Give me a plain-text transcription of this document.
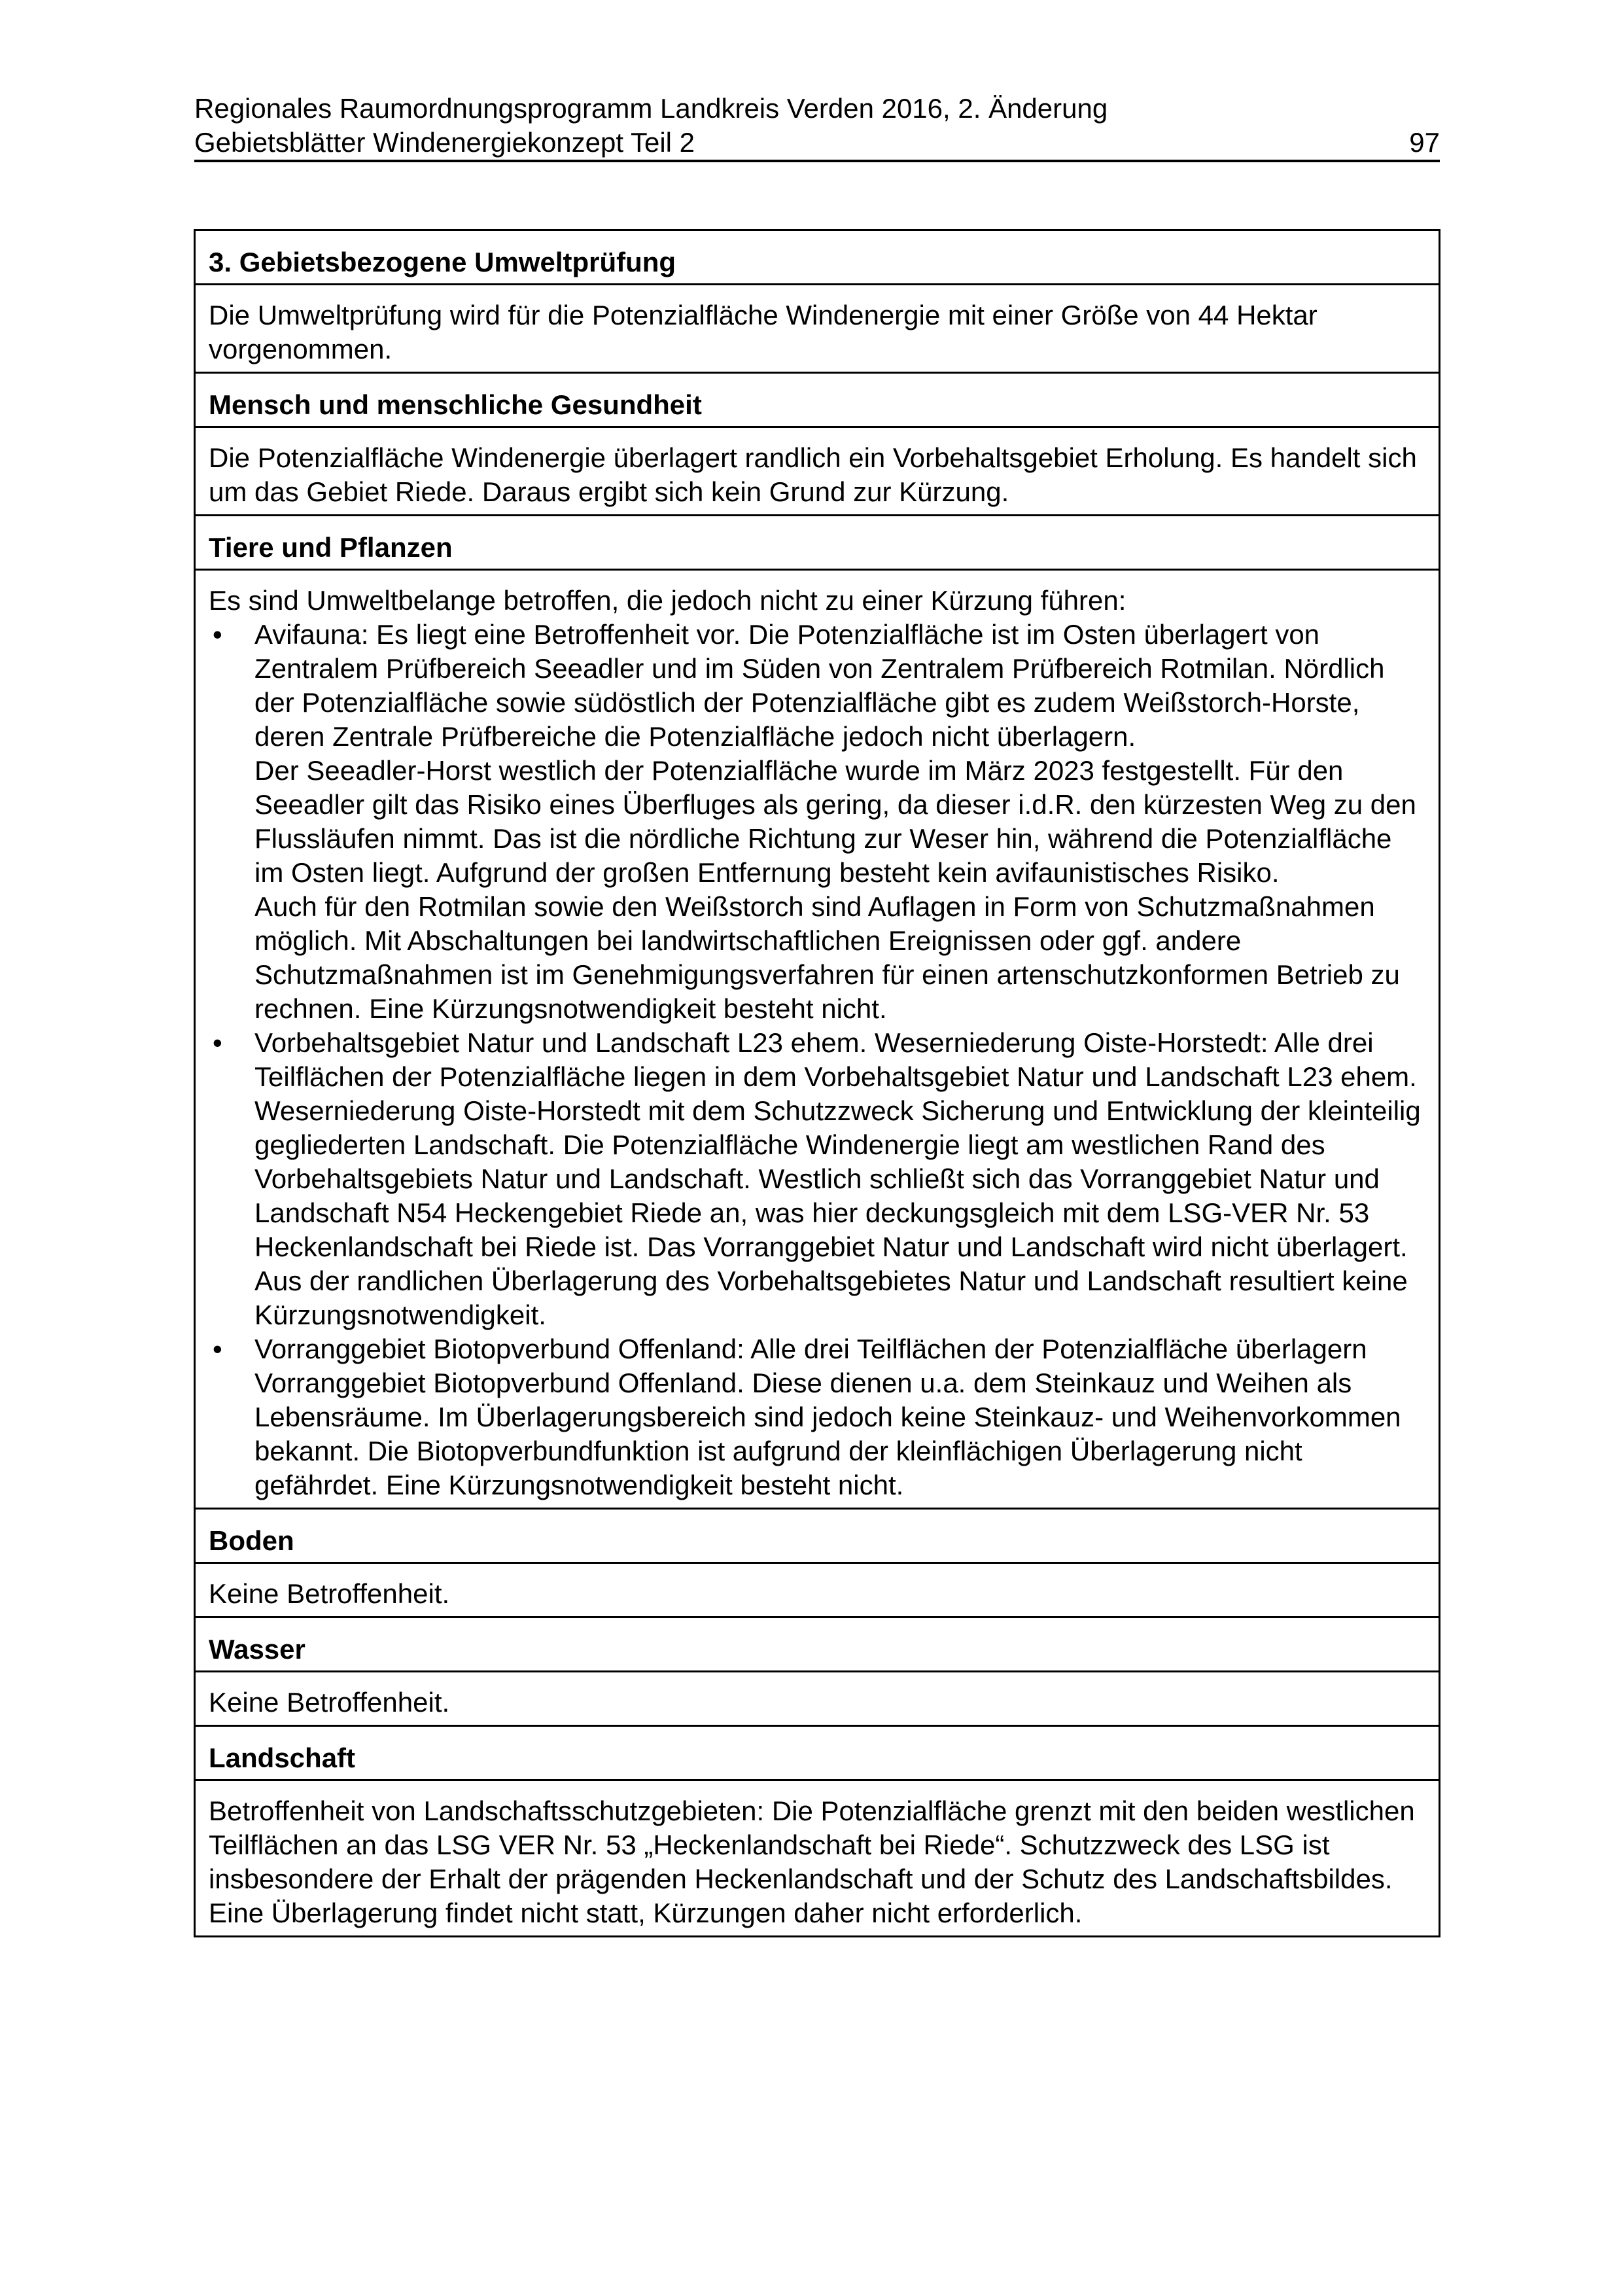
Regionales Raumordnungsprogramm Landkreis Verden 2016, 2. Änderung
Gebietsblätter Windenergiekonzept Teil 2	97
3. Gebietsbezogene Umweltprüfung
Die Umweltprüfung wird für die Potenzialfläche Windenergie mit einer Größe von 44 Hektar vorgenommen.
Mensch und menschliche Gesundheit
Die Potenzialfläche Windenergie überlagert randlich ein Vorbehaltsgebiet Erholung. Es handelt sich um das Gebiet Riede. Daraus ergibt sich kein Grund zur Kürzung.
Tiere und Pflanzen
Es sind Umweltbelange betroffen, die jedoch nicht zu einer Kürzung führen:
• Avifauna: Es liegt eine Betroffenheit vor. Die Potenzialfläche ist im Osten überlagert von Zentralem Prüfbereich Seeadler und im Süden von Zentralem Prüfbereich Rotmilan. Nördlich der Potenzialfläche sowie südöstlich der Potenzialfläche gibt es zudem Weißstorch-Horste, deren Zentrale Prüfbereiche die Potenzialfläche jedoch nicht überlagern.
Der Seeadler-Horst westlich der Potenzialfläche wurde im März 2023 festgestellt. Für den Seeadler gilt das Risiko eines Überfluges als gering, da dieser i.d.R. den kürzesten Weg zu den Flussläufen nimmt. Das ist die nördliche Richtung zur Weser hin, während die Potenzialfläche im Osten liegt. Aufgrund der großen Entfernung besteht kein avifaunistisches Risiko.
Auch für den Rotmilan sowie den Weißstorch sind Auflagen in Form von Schutzmaßnahmen möglich. Mit Abschaltungen bei landwirtschaftlichen Ereignissen oder ggf. andere Schutzmaßnahmen ist im Genehmigungsverfahren für einen artenschutzkonformen Betrieb zu rechnen. Eine Kürzungsnotwendigkeit besteht nicht.
• Vorbehaltsgebiet Natur und Landschaft L23 ehem. Weserniederung Oiste-Horstedt: Alle drei Teilflächen der Potenzialfläche liegen in dem Vorbehaltsgebiet Natur und Landschaft L23 ehem. Weserniederung Oiste-Horstedt mit dem Schutzzweck Sicherung und Entwicklung der kleinteilig gegliederten Landschaft. Die Potenzialfläche Windenergie liegt am westlichen Rand des Vorbehaltsgebiets Natur und Landschaft. Westlich schließt sich das Vorranggebiet Natur und Landschaft N54 Heckengebiet Riede an, was hier deckungsgleich mit dem LSG-VER Nr. 53 Heckenlandschaft bei Riede ist. Das Vorranggebiet Natur und Landschaft wird nicht überlagert. Aus der randlichen Überlagerung des Vorbehaltsgebietes Natur und Landschaft resultiert keine Kürzungsnotwendigkeit.
• Vorranggebiet Biotopverbund Offenland: Alle drei Teilflächen der Potenzialfläche überlagern Vorranggebiet Biotopverbund Offenland. Diese dienen u.a. dem Steinkauz und Weihen als Lebensräume. Im Überlagerungsbereich sind jedoch keine Steinkauz- und Weihenvorkommen bekannt. Die Biotopverbundfunktion ist aufgrund der kleinflächigen Überlagerung nicht gefährdet. Eine Kürzungsnotwendigkeit besteht nicht.
Boden
Keine Betroffenheit.
Wasser
Keine Betroffenheit.
Landschaft
Betroffenheit von Landschaftsschutzgebieten: Die Potenzialfläche grenzt mit den beiden westlichen Teilflächen an das LSG VER Nr. 53 „Heckenlandschaft bei Riede“. Schutzzweck des LSG ist insbesondere der Erhalt der prägenden Heckenlandschaft und der Schutz des Landschaftsbildes. Eine Überlagerung findet nicht statt, Kürzungen daher nicht erforderlich.
